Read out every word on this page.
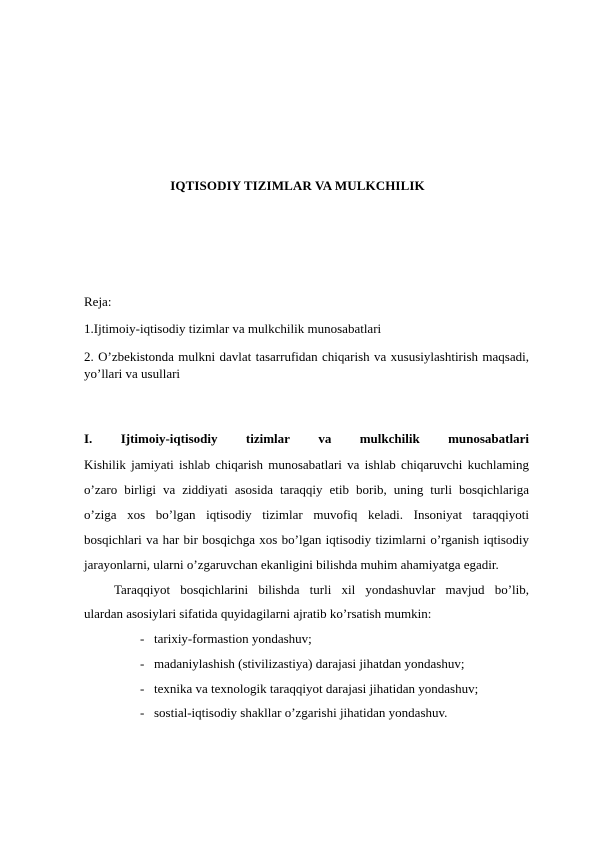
IQTISODIY TIZIMLAR VA MULKCHILIK
Reja:
1.Ijtimoiy-iqtisodiy tizimlar va mulkchilik munosabatlari
2. O’zbekistonda mulkni davlat tasarrufidan chiqarish va xususiylashtirish maqsadi,
yo’llari va usullari
I. Ijtimoiy-iqtisodiy tizimlar va mulkchilik munosabatlari
Kishilik jamiyati ishlab chiqarish munosabatlari va ishlab chiqaruvchi kuchlaming
o’zaro birligi va ziddiyati asosida taraqqiy etib borib, uning turli bosqichlariga
o’ziga xos bo’lgan iqtisodiy tizimlar muvofiq keladi. Insoniyat taraqqiyoti
bosqichlari va har bir bosqichga xos bo’lgan iqtisodiy tizimlarni o’rganish iqtisodiy
jarayonlarni, ularni o’zgaruvchan ekanligini bilishda muhim ahamiyatga egadir.
Taraqqiyot bosqichlarini bilishda turli xil yondashuvlar mavjud bo’lib,
ulardan asosiylari sifatida quyidagilarni ajratib ko’rsatish mumkin:
- tarixiy-formastion yondashuv;
- madaniylashish (stivilizastiya) darajasi jihatdan yondashuv;
- texnika va texnologik taraqqiyot darajasi jihatidan yondashuv;
- sostial-iqtisodiy shakllar o’zgarishi jihatidan yondashuv.
